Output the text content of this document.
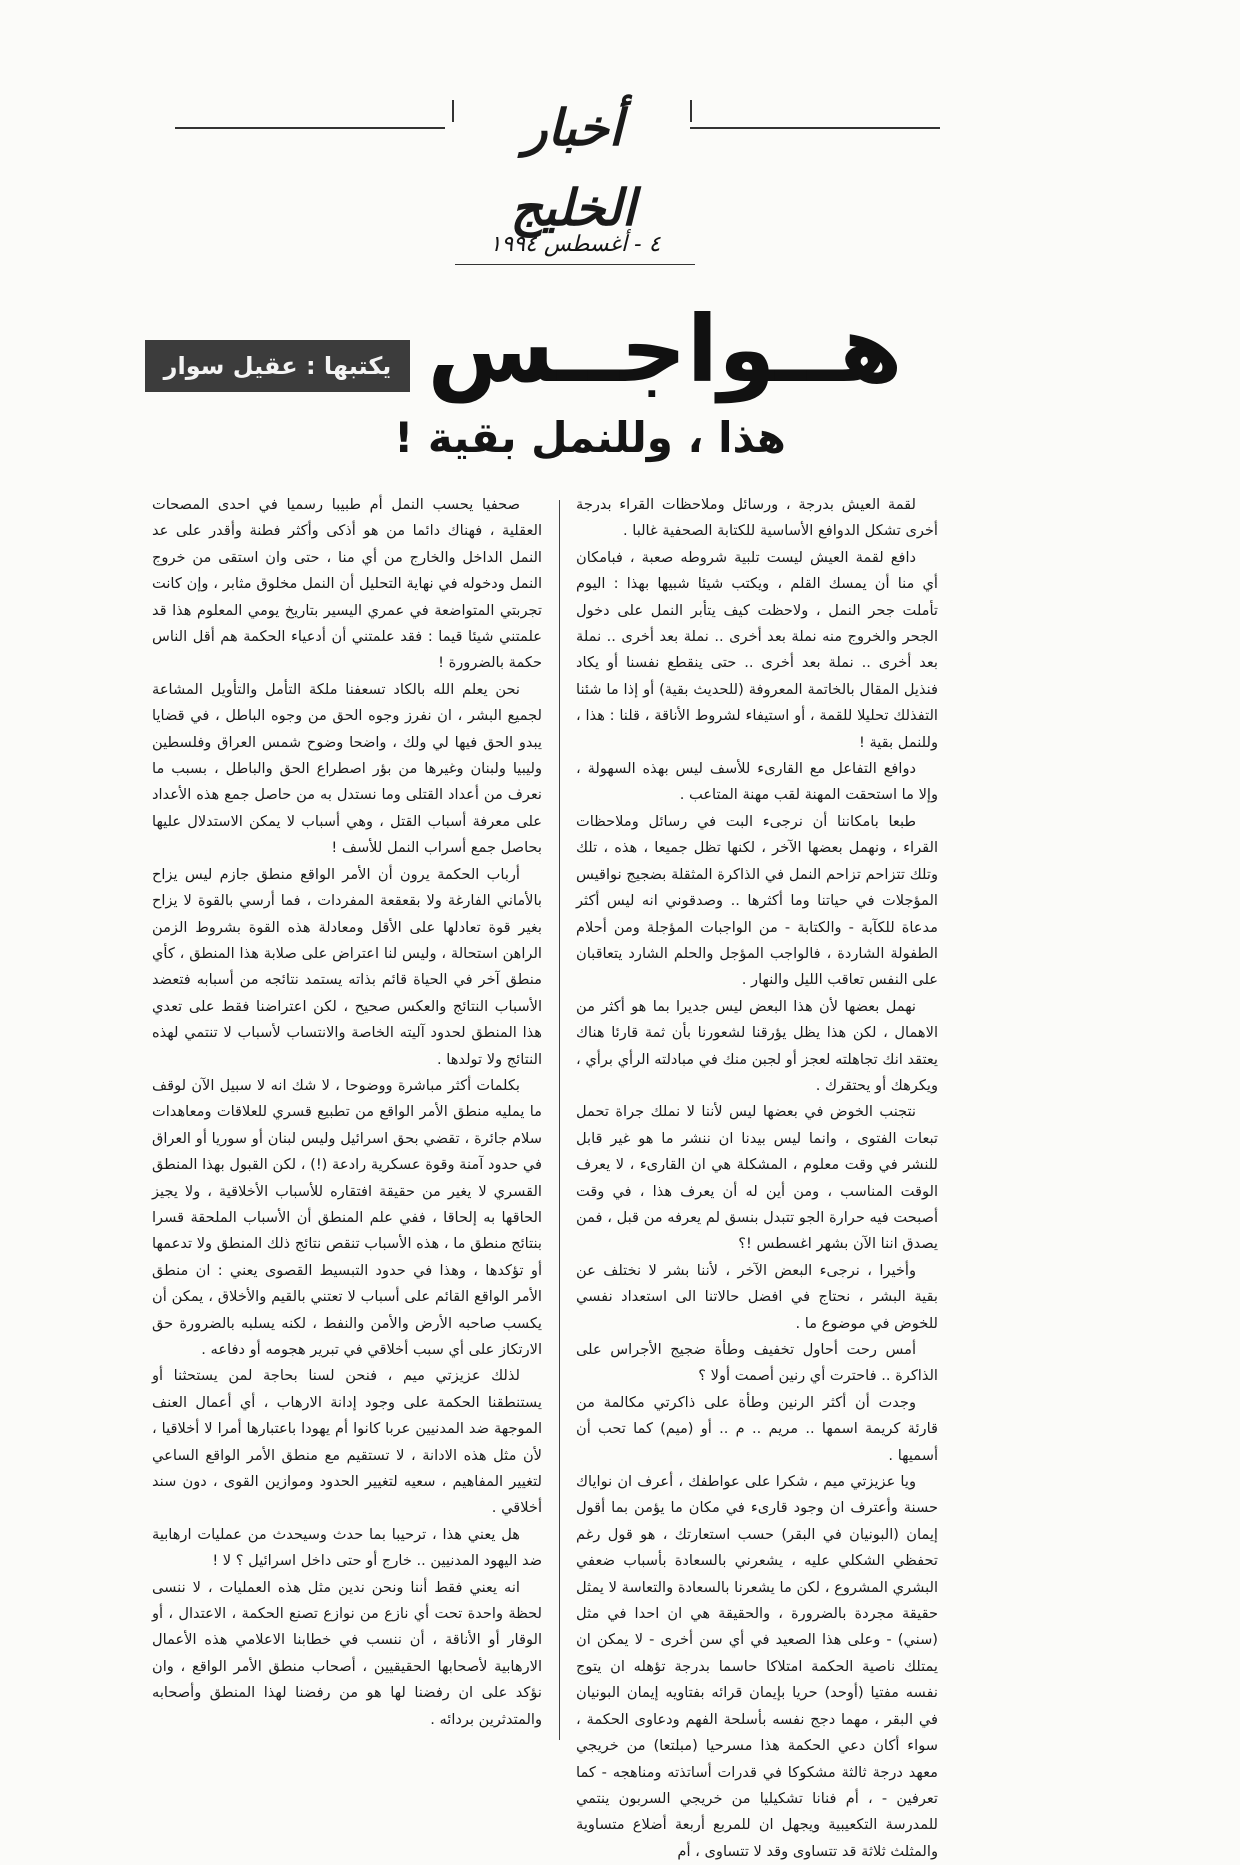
أخبار الخليج
٤ - أغسطس ١٩٩٤
هــواجــس
يكتبها : عقيل سوار
هذا ، وللنمل بقية !

لقمة العيش بدرجة ، ورسائل وملاحظات القراء بدرجة أخرى تشكل الدوافع الأساسية للكتابة الصحفية غالبا .

دافع لقمة العيش ليست تلبية شروطه صعبة ، فبامكان أي منا أن يمسك القلم ، ويكتب شيئا شبيها بهذا : اليوم تأملت جحر النمل ، ولاحظت كيف يتأبر النمل على دخول الجحر والخروج منه نملة بعد أخرى .. نملة بعد أخرى .. نملة بعد أخرى .. نملة بعد أخرى .. حتى ينقطع نفسنا أو يكاد فنذيل المقال بالخاتمة المعروفة (للحديث بقية) أو إذا ما شئنا التفذلك تحليلا للقمة ، أو استيفاء لشروط الأناقة ، قلنا : هذا ، وللنمل بقية !

دوافع التفاعل مع القارىء للأسف ليس بهذه السهولة ، وإلا ما استحقت المهنة لقب مهنة المتاعب .

طبعا بامكاننا أن نرجىء البت في رسائل وملاحظات القراء ، ونهمل بعضها الآخر ، لكنها تظل جميعا ، هذه ، تلك وتلك تتزاحم تزاحم النمل في الذاكرة المثقلة بضجيج نواقيس المؤجلات في حياتنا وما أكثرها .. وصدقوني انه ليس أكثر مدعاة للكآبة - والكتابة - من الواجبات المؤجلة ومن أحلام الطفولة الشاردة ، فالواجب المؤجل والحلم الشارد يتعاقبان على النفس تعاقب الليل والنهار .

نهمل بعضها لأن هذا البعض ليس جديرا بما هو أكثر من الاهمال ، لكن هذا يظل يؤرقنا لشعورنا بأن ثمة قارئا هناك يعتقد انك تجاهلته لعجز أو لجبن منك في مبادلته الرأي برأي ، ويكرهك أو يحتقرك .

نتجنب الخوض في بعضها ليس لأننا لا نملك جراة تحمل تبعات الفتوى ، وانما ليس بيدنا ان ننشر ما هو غير قابل للنشر في وقت معلوم ، المشكلة هي ان القارىء ، لا يعرف الوقت المناسب ، ومن أين له أن يعرف هذا ، في وقت أصبحت فيه حرارة الجو تتبدل بنسق لم يعرفه من قبل ، فمن يصدق اننا الآن بشهر اغسطس !؟

وأخيرا ، نرجىء البعض الآخر ، لأننا بشر لا نختلف عن بقية البشر ، نحتاج في افضل حالاتنا الى استعداد نفسي للخوض في موضوع ما .

أمس رحت أحاول تخفيف وطأة ضجيج الأجراس على الذاكرة .. فاحترت أي رنين أصمت أولا ؟

وجدت أن أكثر الرنين وطأة على ذاكرتي مكالمة من قارئة كريمة اسمها .. مريم .. م .. أو (ميم) كما تحب أن أسميها .

ويا عزيزتي ميم ، شكرا على عواطفك ، أعرف ان نواياك حسنة وأعترف ان وجود قارىء في مكان ما يؤمن بما أقول إيمان (البونيان في البقر) حسب استعارتك ، هو قول رغم تحفظي الشكلي عليه ، يشعرني بالسعادة بأسباب ضعفي البشري المشروع ، لكن ما يشعرنا بالسعادة والتعاسة لا يمثل حقيقة مجردة بالضرورة ، والحقيقة هي ان احدا في مثل (سني) - وعلى هذا الصعيد في أي سن أخرى - لا يمكن ان يمتلك ناصية الحكمة امتلاكا حاسما بدرجة تؤهله ان يتوج نفسه مفتيا (أوحد) حريا بإيمان قرائه بفتاويه إيمان البونيان في البقر ، مهما دجج نفسه بأسلحة الفهم ودعاوى الحكمة ، سواء أكان دعي الحكمة هذا مسرحيا (مبلتعا) من خريجي معهد درجة ثالثة مشكوكا في قدرات أساتذته ومناهجه - كما تعرفين - ، أم فنانا تشكيليا من خريجي السربون ينتمي للمدرسة التكعيبية ويجهل ان للمربع أربعة أضلاع متساوية والمثلث ثلاثة قد تتساوى وقد لا تتساوى ، أم

صحفيا يحسب النمل أم طبيبا رسميا في احدى المصحات العقلية ، فهناك دائما من هو أذكى وأكثر فطنة وأقدر على عد النمل الداخل والخارج من أي منا ، حتى وان استقى من خروج النمل ودخوله في نهاية التحليل أن النمل مخلوق مثابر ، وإن كانت تجربتي المتواضعة في عمري اليسير بتاريخ يومي المعلوم هذا قد علمتني شيئا قيما : فقد علمتني أن أدعياء الحكمة هم أقل الناس حكمة بالضرورة !

نحن يعلم الله بالكاد تسعفنا ملكة التأمل والتأويل المشاعة لجميع البشر ، ان نفرز وجوه الحق من وجوه الباطل ، في قضايا يبدو الحق فيها لي ولك ، واضحا وضوح شمس العراق وفلسطين وليبيا ولبنان وغيرها من بؤر اصطراع الحق والباطل ، بسبب ما نعرف من أعداد القتلى وما نستدل به من حاصل جمع هذه الأعداد على معرفة أسباب القتل ، وهي أسباب لا يمكن الاستدلال عليها بحاصل جمع أسراب النمل للأسف !

أرباب الحكمة يرون أن الأمر الواقع منطق جازم ليس يزاح بالأماني الفارغة ولا بقعقعة المفردات ، فما أرسي بالقوة لا يزاح بغير قوة تعادلها على الأقل ومعادلة هذه القوة بشروط الزمن الراهن استحالة ، وليس لنا اعتراض على صلابة هذا المنطق ، كأي منطق آخر في الحياة قائم بذاته يستمد نتائجه من أسبابه فتعضد الأسباب النتائج والعكس صحيح ، لكن اعتراضنا فقط على تعدي هذا المنطق لحدود آليته الخاصة والانتساب لأسباب لا تنتمي لهذه النتائج ولا تولدها .

بكلمات أكثر مباشرة ووضوحا ، لا شك انه لا سبيل الآن لوقف ما يمليه منطق الأمر الواقع من تطبيع قسري للعلاقات ومعاهدات سلام جائرة ، تقضي بحق اسرائيل وليس لبنان أو سوريا أو العراق في حدود آمنة وقوة عسكرية رادعة (!) ، لكن القبول بهذا المنطق القسري لا يغير من حقيقة افتقاره للأسباب الأخلاقية ، ولا يجيز الحاقها به إلحاقا ، ففي علم المنطق أن الأسباب الملحقة قسرا بنتائج منطق ما ، هذه الأسباب تنقص نتائج ذلك المنطق ولا تدعمها أو تؤكدها ، وهذا في حدود التبسيط القصوى يعني : ان منطق الأمر الواقع القائم على أسباب لا تعتني بالقيم والأخلاق ، يمكن أن يكسب صاحبه الأرض والأمن والنفط ، لكنه يسلبه بالضرورة حق الارتكاز على أي سبب أخلاقي في تبرير هجومه أو دفاعه .

لذلك عزيزتي ميم ، فنحن لسنا بحاجة لمن يستحثنا أو يستنطقنا الحكمة على وجود إدانة الارهاب ، أي أعمال العنف الموجهة ضد المدنيين عربا كانوا أم يهودا باعتبارها أمرا لا أخلاقيا ، لأن مثل هذه الادانة ، لا تستقيم مع منطق الأمر الواقع الساعي لتغيير المفاهيم ، سعيه لتغيير الحدود وموازين القوى ، دون سند أخلاقي .

هل يعني هذا ، ترحيبا بما حدث وسيحدث من عمليات ارهابية ضد اليهود المدنيين .. خارج أو حتى داخل اسرائيل ؟ لا !

انه يعني فقط أننا ونحن ندين مثل هذه العمليات ، لا ننسى لحظة واحدة تحت أي نازع من نوازع تصنع الحكمة ، الاعتدال ، أو الوقار أو الأناقة ، أن ننسب في خطابنا الاعلامي هذه الأعمال الارهابية لأصحابها الحقيقيين ، أصحاب منطق الأمر الواقع ، وان نؤكد على ان رفضنا لها هو من رفضنا لهذا المنطق وأصحابه والمتدثرين بردائه .
